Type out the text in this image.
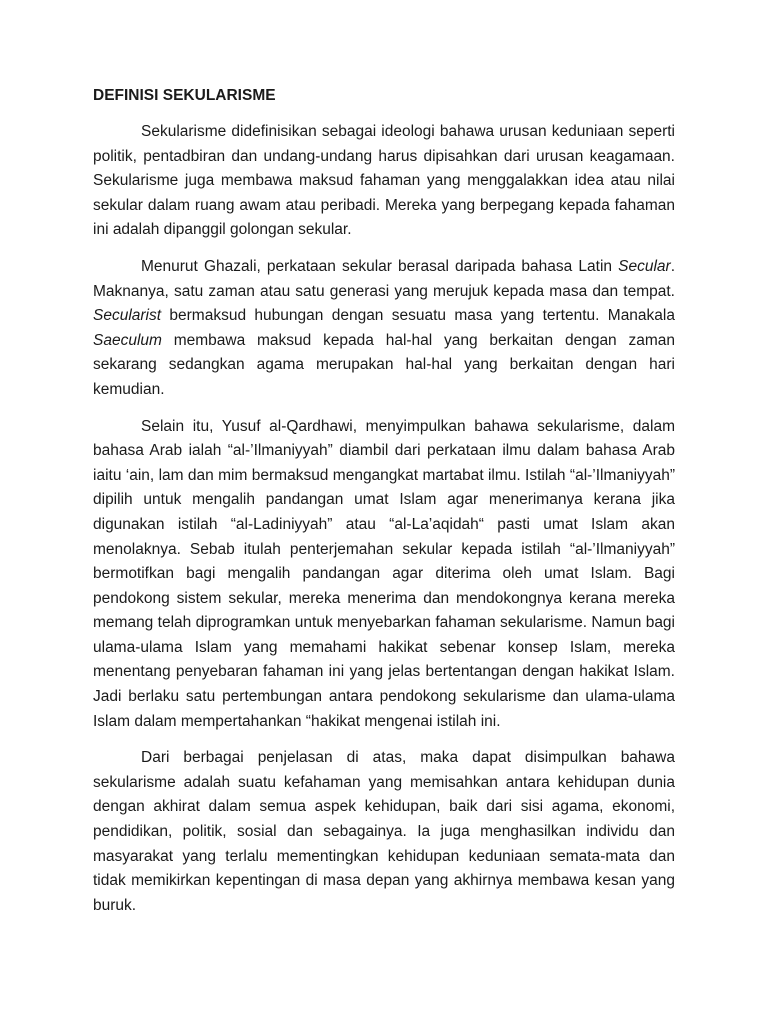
DEFINISI SEKULARISME

Sekularisme didefinisikan sebagai ideologi bahawa urusan keduniaan seperti politik, pentadbiran dan undang-undang harus dipisahkan dari urusan keagamaan. Sekularisme juga membawa maksud fahaman yang menggalakkan idea atau nilai sekular dalam ruang awam atau peribadi. Mereka yang berpegang kepada fahaman ini adalah dipanggil golongan sekular.

Menurut Ghazali, perkataan sekular berasal daripada bahasa Latin Secular. Maknanya, satu zaman atau satu generasi yang merujuk kepada masa dan tempat. Secularist bermaksud hubungan dengan sesuatu masa yang tertentu. Manakala Saeculum membawa maksud kepada hal-hal yang berkaitan dengan zaman sekarang sedangkan agama merupakan hal-hal yang berkaitan dengan hari kemudian.

Selain itu, Yusuf al-Qardhawi, menyimpulkan bahawa sekularisme, dalam bahasa Arab ialah “al-’Ilmaniyyah” diambil dari perkataan ilmu dalam bahasa Arab iaitu ‘ain, lam dan mim bermaksud mengangkat martabat ilmu. Istilah “al-’Ilmaniyyah” dipilih untuk mengalih pandangan umat Islam agar menerimanya kerana jika digunakan istilah “al-Ladiniyyah” atau “al-La’aqidah“ pasti umat Islam akan menolaknya. Sebab itulah penterjemahan sekular kepada istilah “al-’Ilmaniyyah” bermotifkan bagi mengalih pandangan agar diterima oleh umat Islam. Bagi pendokong sistem sekular, mereka menerima dan mendokongnya kerana mereka memang telah diprogramkan untuk menyebarkan fahaman sekularisme. Namun bagi ulama-ulama Islam yang memahami hakikat sebenar konsep Islam, mereka menentang penyebaran fahaman ini yang jelas bertentangan dengan hakikat Islam. Jadi berlaku satu pertembungan antara pendokong sekularisme dan ulama-ulama Islam dalam mempertahankan “hakikat mengenai istilah ini.

Dari berbagai penjelasan di atas, maka dapat disimpulkan bahawa sekularisme adalah suatu kefahaman yang memisahkan antara kehidupan dunia dengan akhirat dalam semua aspek kehidupan, baik dari sisi agama, ekonomi, pendidikan, politik, sosial dan sebagainya. Ia juga menghasilkan individu dan masyarakat yang terlalu mementingkan kehidupan keduniaan semata-mata dan tidak memikirkan kepentingan di masa depan yang akhirnya membawa kesan yang buruk.
